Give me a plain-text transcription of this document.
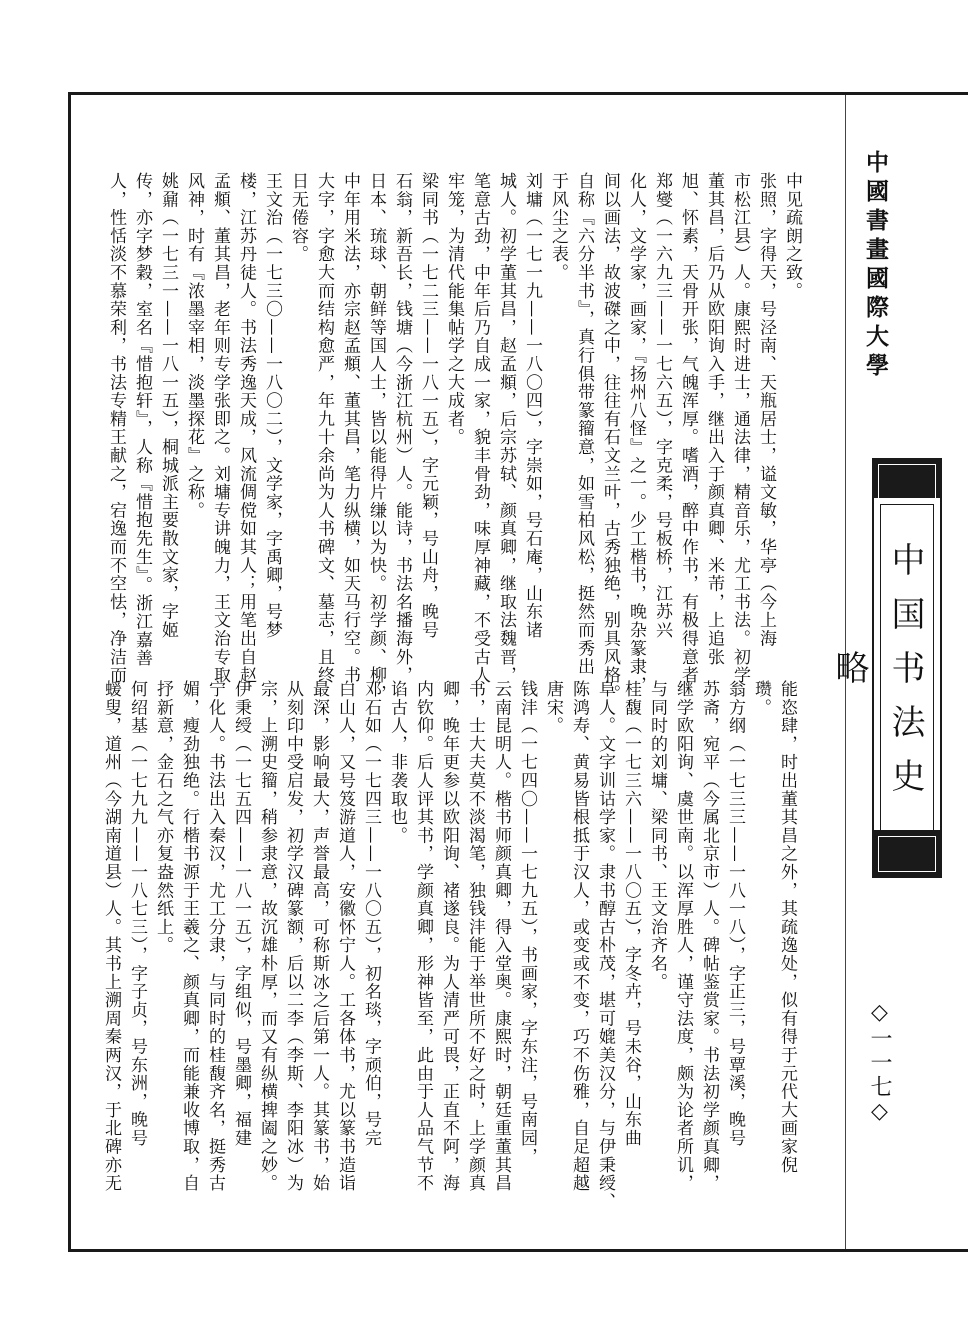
中國書畫國際大學
中国书法史略
◇一一七◇

中见疏朗之致。

张照，字得天，号泾南、天瓶居士，谥文敏，华亭（今上海

市松江县）人。康熙时进士，通法律，精音乐，尤工书法。初学

董其昌，后乃从欧阳询入手，继出入于颜真卿、米芾，上追张

旭、怀素，天骨开张，气魄浑厚。嗜酒，醉中作书，有极得意者

郑燮（一六九三——一七六五），字克柔，号板桥，江苏兴

化人，文学家，画家，『扬州八怪』之一。少工楷书，晚杂篆隶，

间以画法，故波磔之中，往往有石文兰叶，古秀独绝，别具风格。

自称『六分半书』，真行俱带篆籀意，如雪柏风松，挺然而秀出

于风尘之表。

刘墉（一七一九——一八〇四），字崇如，号石庵，山东诸

城人。初学董其昌，赵孟頫，后宗苏轼、颜真卿，继取法魏晋，

笔意古劲，中年后乃自成一家，貌丰骨劲，味厚神藏，不受古人

牢笼，为清代能集帖学之大成者。

梁同书（一七二三——一八一五），字元颖，号山舟，晚号

石翁，新吾长，钱塘（今浙江杭州）人。能诗，书法名播海外，

日本、琉球、朝鲜等国人士，皆以能得片缣以为快。初学颜、柳，

中年用米法，亦宗赵孟頫、董其昌，笔力纵横，如天马行空。书

大字，字愈大而结构愈严，年九十余尚为人书碑文、墓志，且终

日无倦容。

王文治（一七三〇——一八〇二），文学家，字禹卿，号梦

楼，江苏丹徒人。书法秀逸天成，风流倜傥如其人；用笔出自赵

孟頫、董其昌，老年则专学张即之。刘墉专讲魄力，王文治专取

风神，时有『浓墨宰相，淡墨探花』之称。

姚鼐（一七三一——一八一五），桐城派主要散文家，字姬

传，亦字梦穀，室名『惜抱轩』，人称『惜抱先生』。浙江嘉善

人，性恬淡不慕荣利，书法专精王献之，宕逸而不空怯，净洁而

能恣肆，时出董其昌之外，其疏逸处，似有得于元代大画家倪

瓒。

翁方纲（一七三三——一八一八），字正三，号覃溪，晚号

苏斋，宛平（今属北京市）人。碑帖鉴赏家。书法初学颜真卿，

继学欧阳询、虞世南。以浑厚胜人，谨守法度，颇为论者所讥，

与同时的刘墉、梁同书、王文治齐名。

桂馥（一七三六——一八〇五），字冬卉，号未谷，山东曲

阜人。文字训诂学家。隶书醇古朴茂，堪可媲美汉分，与伊秉绶、

陈鸿寿、黄易皆根抵于汉人，或变或不变，巧不伤雅，自足超越

唐宋。

钱沣（一七四〇——一七九五），书画家，字东注，号南园，

云南昆明人。楷书师颜真卿，得入堂奥。康熙时，朝廷重董其昌

书，士大夫莫不淡渴笔，独钱沣能于举世所不好之时，上学颜真

卿，晚年更参以欧阳询、褚遂良。为人清严可畏，正直不阿，海

内钦仰。后人评其书，学颜真卿，形神皆至，此由于人品气节不

谄古人，非袭取也。

邓石如（一七四三——一八〇五），初名琰，字顽伯，号完

白山人，又号笈游道人，安徽怀宁人。工各体书，尤以篆书造诣

最深，影响最大，声誉最高，可称斯冰之后第一人。其篆书，始

从刻印中受启发，初学汉碑篆额，后以二李（李斯、李阳冰）为

宗，上溯史籀，稍参隶意，故沉雄朴厚，而又有纵横捭阖之妙。

伊秉绶（一七五四——一八一五），字组似，号墨卿，福建

宁化人。书法出入秦汉，尤工分隶，与同时的桂馥齐名，挺秀古

媚，瘦劲独绝。行楷书源于王羲之、颜真卿，而能兼收博取，自

抒新意，金石之气亦复盎然纸上。

何绍基（一七九九——一八七三），字子贞，号东洲，晚号

蝯叟，道州（今湖南道县）人。其书上溯周秦两汉，于北碑亦无
